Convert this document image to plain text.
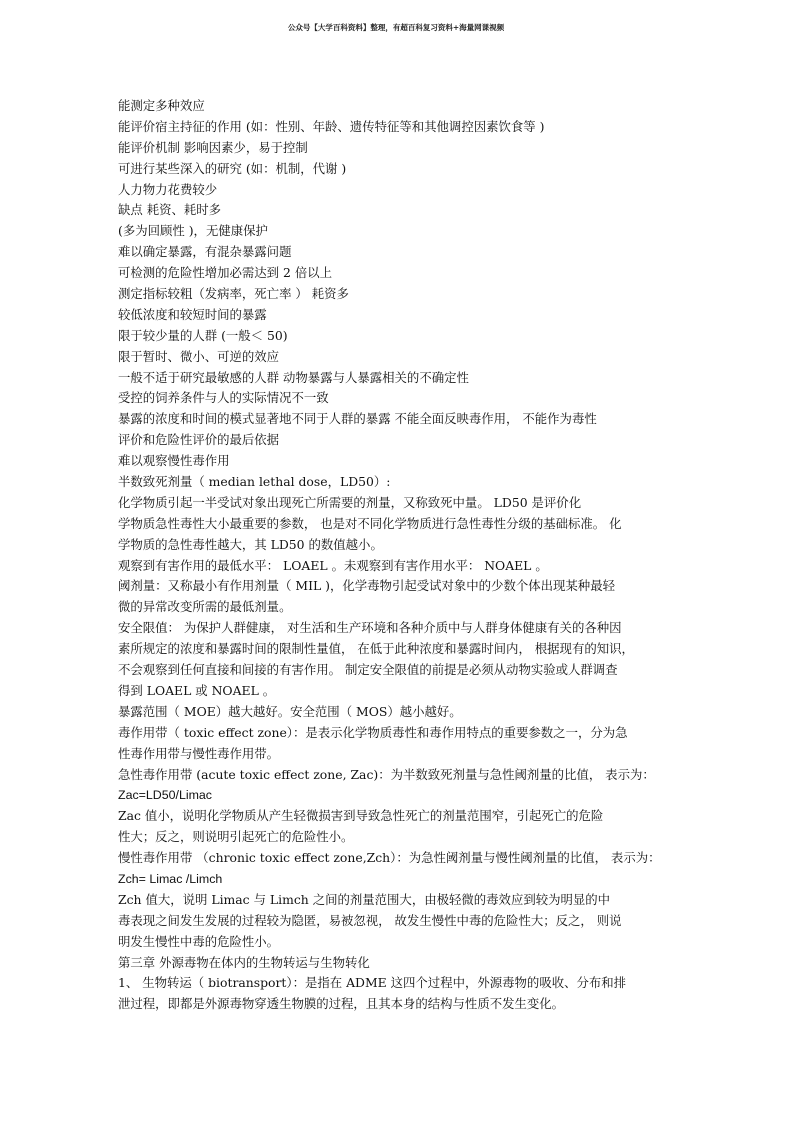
公众号【大学百科资料】整理，有超百科复习资料+海量网课视频
能测定多种效应
能评价宿主持征的作用 (如：性别、年龄、遗传特征等和其他调控因素饮食等 )
能评价机制 影响因素少，易于控制
可进行某些深入的研究 (如：机制，代谢 )
人力物力花费较少
缺点 耗资、耗时多
(多为回顾性 )，无健康保护
难以确定暴露，有混杂暴露问题
可检测的危险性增加必需达到 2 倍以上
测定指标较粗（发病率，死亡率 ） 耗资多
较低浓度和较短时间的暴露
限于较少量的人群 (一般＜ 50)
限于暂时、微小、可逆的效应
一般不适于研究最敏感的人群 动物暴露与人暴露相关的不确定性
受控的饲养条件与人的实际情况不一致
暴露的浓度和时间的模式显著地不同于人群的暴露 不能全面反映毒作用， 不能作为毒性
评价和危险性评价的最后依据
难以观察慢性毒作用
半数致死剂量（ median lethal dose，LD50）:
化学物质引起一半受试对象出现死亡所需要的剂量，又称致死中量。 LD50 是评价化
学物质急性毒性大小最重要的参数， 也是对不同化学物质进行急性毒性分级的基础标准。 化
学物质的急性毒性越大，其 LD50 的数值越小。
观察到有害作用的最低水平： LOAEL 。未观察到有害作用水平： NOAEL 。
阈剂量：又称最小有作用剂量（ MIL )，化学毒物引起受试对象中的少数个体出现某种最轻
微的异常改变所需的最低剂量。
安全限值： 为保护人群健康， 对生活和生产环境和各种介质中与人群身体健康有关的各种因
素所规定的浓度和暴露时间的限制性量值， 在低于此种浓度和暴露时间内， 根据现有的知识，
不会观察到任何直接和间接的有害作用。 制定安全限值的前提是必须从动物实验或人群调查
得到 LOAEL 或 NOAEL 。
暴露范围（ MOE）越大越好。安全范围（ MOS）越小越好。
毒作用带（ toxic effect zone）：是表示化学物质毒性和毒作用特点的重要参数之一，分为急
性毒作用带与慢性毒作用带。
急性毒作用带 (acute toxic effect zone, Zac)：为半数致死剂量与急性阈剂量的比值， 表示为：
Zac=LD50/Limac
Zac 值小，说明化学物质从产生轻微损害到导致急性死亡的剂量范围窄，引起死亡的危险
性大；反之，则说明引起死亡的危险性小。
慢性毒作用带 （chronic toxic effect zone,Zch）：为急性阈剂量与慢性阈剂量的比值， 表示为：
Zch= Limac /Limch
Zch 值大，说明 Limac 与 Limch 之间的剂量范围大，由极轻微的毒效应到较为明显的中
毒表现之间发生发展的过程较为隐匿，易被忽视， 故发生慢性中毒的危险性大；反之， 则说
明发生慢性中毒的危险性小。
第三章 外源毒物在体内的生物转运与生物转化
1、 生物转运（ biotransport）：是指在 ADME 这四个过程中，外源毒物的吸收、分布和排
泄过程，即都是外源毒物穿透生物膜的过程，且其本身的结构与性质不发生变化。
